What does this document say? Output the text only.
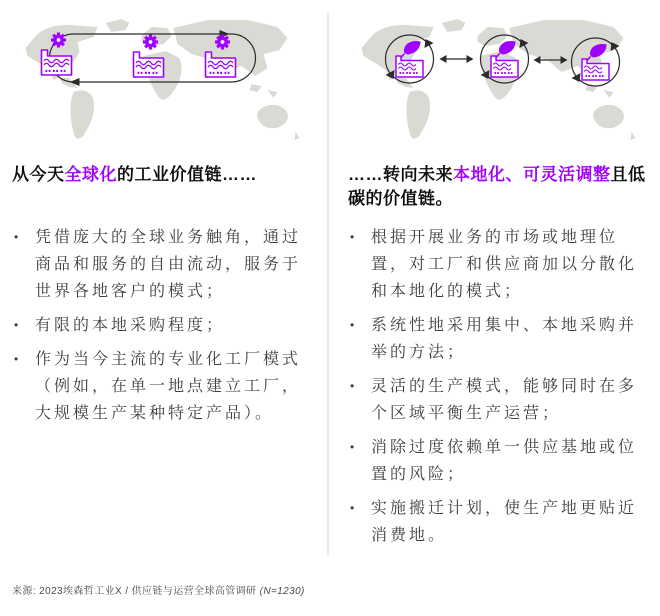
从今天全球化的工业价值链……
•	凭借庞大的全球业务触角，通过商品和服务的自由流动，服务于世界各地客户的模式；
•	有限的本地采购程度；
•	作为当今主流的专业化工厂模式（例如，在单一地点建立工厂，大规模生产某种特定产品）。
……转向未来本地化、可灵活调整且低碳的价值链。
•	根据开展业务的市场或地理位置，对工厂和供应商加以分散化和本地化的模式；
•	系统性地采用集中、本地采购并举的方法；
•	灵活的生产模式，能够同时在多个区域平衡生产运营；
•	消除过度依赖单一供应基地或位置的风险；
•	实施搬迁计划，使生产地更贴近消费地。
来源: 2023埃森哲工业X / 供应链与运营全球高管调研 (N=1230)
